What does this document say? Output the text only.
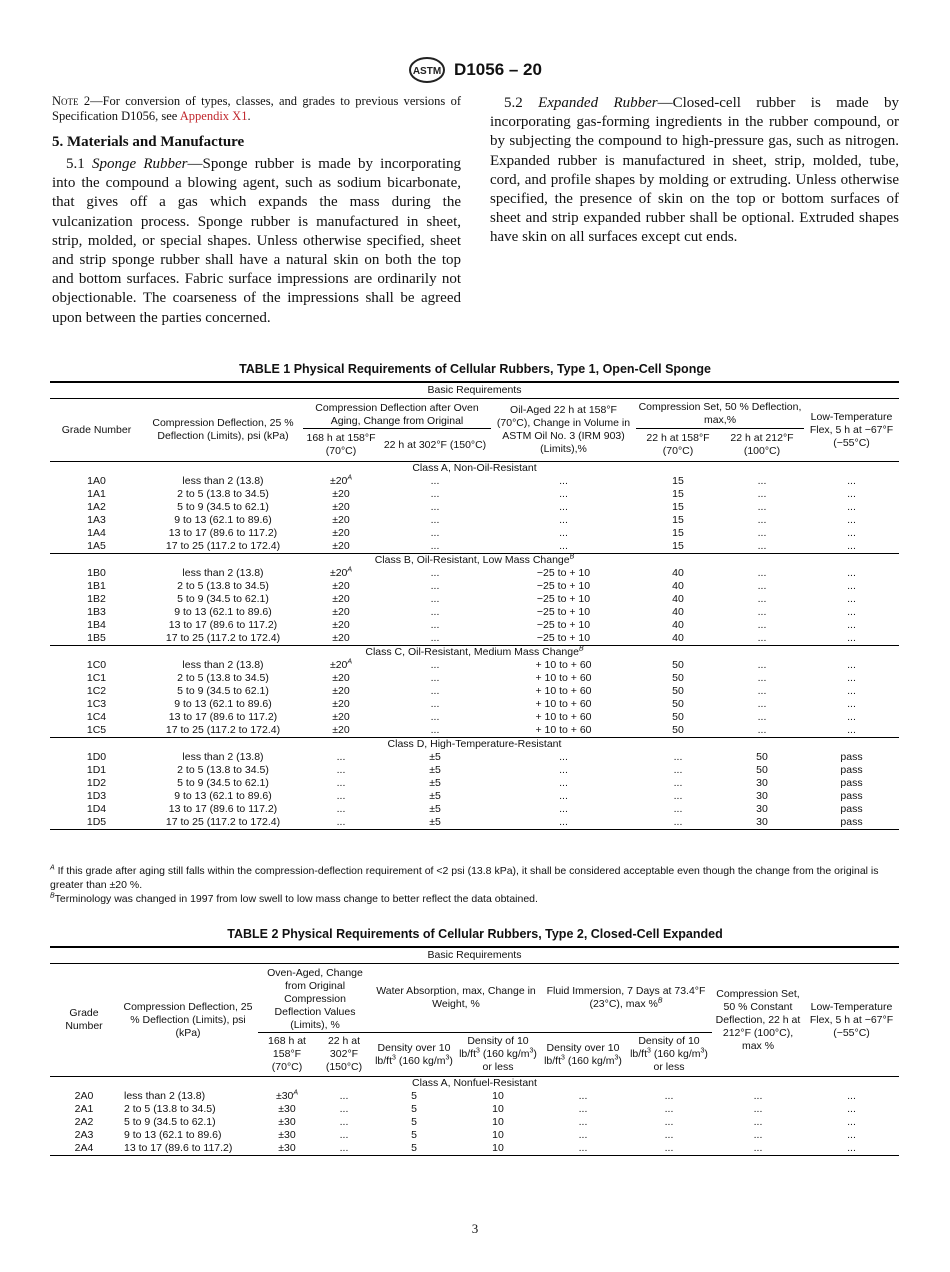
ASTM D1056 – 20

Note 2—For conversion of types, classes, and grades to previous versions of Specification D1056, see Appendix X1.

5. Materials and Manufacture

5.1 Sponge Rubber—Sponge rubber is made by incorporating into the compound a blowing agent, such as sodium bicarbonate, that gives off a gas which expands the mass during the vulcanization process. Sponge rubber is manufactured in sheet, strip, molded, or special shapes. Unless otherwise specified, sheet and strip sponge rubber shall have a natural skin on both the top and bottom surfaces. Fabric surface impressions are ordinarily not objectionable. The coarseness of the impressions shall be agreed upon between the parties concerned.

5.2 Expanded Rubber—Closed-cell rubber is made by incorporating gas-forming ingredients in the rubber compound, or by subjecting the compound to high-pressure gas, such as nitrogen. Expanded rubber is manufactured in sheet, strip, molded, tube, cord, and profile shapes by molding or extruding. Unless otherwise specified, the presence of skin on the top or bottom surfaces of sheet and strip expanded rubber shall be optional. Extruded shapes have skin on all surfaces except cut ends.

TABLE 1 Physical Requirements of Cellular Rubbers, Type 1, Open-Cell Sponge
Basic Requirements							
Grade Number	Compression Deflection, 25 % Deflection (Limits), psi (kPa)	Compression Deflection after Oven Aging, Change from Original		Oil-Aged 22 h at 158°F (70°C), Change in Volume in ASTM Oil No. 3 (IRM 903) (Limits),%	Compression Set, 50 % Deflection, max,%		Low-Temperature Flex, 5 h at −67°F (−55°C)
		168 h at 158°F (70°C)	22 h at 302°F (150°C)		22 h at 158°F (70°C)	22 h at 212°F (100°C)	
Class A, Non-Oil-Resistant							
1A0	less than 2 (13.8)	$\pm 20^A$	...	...	15	...	...
1A1	2 to 5 (13.8 to 34.5)	±20	...	...	15	...	...
1A2	5 to 9 (34.5 to 62.1)	±20	...	...	15	...	...
1A3	9 to 13 (62.1 to 89.6)	±20	...	...	15	...	...
1A4	13 to 17 (89.6 to 117.2)	±20	...	...	15	...	...
1A5	17 to 25 (117.2 to 172.4)	±20	...	...	15	...	...
Class B, Oil-Resistant, Low Mass Change$^B$
1B0	less than 2 (13.8)	$\pm 20^A$	...	−25 to + 10	40	...	...
1B1	2 to 5 (13.8 to 34.5)	±20	...	−25 to + 10	40	...	...
1B2	5 to 9 (34.5 to 62.1)	±20	...	−25 to + 10	40	...	...
1B3	9 to 13 (62.1 to 89.6)	±20	...	−25 to + 10	40	...	...
1B4	13 to 17 (89.6 to 117.2)	±20	...	−25 to + 10	40	...	...
1B5	17 to 25 (117.2 to 172.4)	±20	...	−25 to + 10	40	...	...
Class C, Oil-Resistant, Medium Mass Change$^B$
1C0	less than 2 (13.8)	$\pm 20^A$	...	+ 10 to + 60	50	...	...
1C1	2 to 5 (13.8 to 34.5)	±20	...	+ 10 to + 60	50	...	...
1C2	5 to 9 (34.5 to 62.1)	±20	...	+ 10 to + 60	50	...	...
1C3	9 to 13 (62.1 to 89.6)	±20	...	+ 10 to + 60	50	...	...
1C4	13 to 17 (89.6 to 117.2)	±20	...	+ 10 to + 60	50	...	...
1C5	17 to 25 (117.2 to 172.4)	±20	...	+ 10 to + 60	50	...	...
Class D, High-Temperature-Resistant							
1D0	less than 2 (13.8)	...	±5	...	...	50	pass
1D1	2 to 5 (13.8 to 34.5)	...	±5	...	...	50	pass
1D2	5 to 9 (34.5 to 62.1)	...	±5	...	...	30	pass
1D3	9 to 13 (62.1 to 89.6)	...	±5	...	...	30	pass
1D4	13 to 17 (89.6 to 117.2)	...	±5	...	...	30	pass
1D5	17 to 25 (117.2 to 172.4)	...	±5	...	...	30	pass
$^A$ If this grade after aging still falls within the compression-deflection requirement of <2 psi (13.8 kPa), it shall be considered acceptable even though the change from the original is greater than ±20 %.
$^B$Terminology was changed in 1997 from low swell to low mass change to better reflect the data obtained.
TABLE 2 Physical Requirements of Cellular Rubbers, Type 2, Closed-Cell Expanded
Basic Requirements									
Grade Number	Compression Deflection, 25 % Deflection (Limits), psi (kPa)	Oven-Aged, Change from Original Compression Deflection Values (Limits), %		Water Absorption, max, Change in Weight, %		Fluid Immersion, 7 Days at 73.4°F (23°C), max %$^B$		Compression Set, 50 % Constant Deflection, 22 h at 212°F (100°C), max %	Low-Temperature Flex, 5 h at −67°F (−55°C)
		168 h at 158°F (70°C)	22 h at 302°F (150°C)	Density over 10 $lb/ft^3$ (160 $kg/m^3$)	Density of 10 $lb/ft^3$ (160 $kg/m^3$) or less	Density over 10 $lb/ft^3$ (160 $kg/m^3$)	Density of 10 $lb/ft^3$ (160 $kg/m^3$) or less		
Class A, Nonfuel-Resistant									
2A0	less than 2 (13.8)	$\pm 30^A$	...	5	10	...	...	...	...
2A1	2 to 5 (13.8 to 34.5)	±30	...	5	10	...	...	...	...
2A2	5 to 9 (34.5 to 62.1)	±30	...	5	10	...	...	...	...
2A3	9 to 13 (62.1 to 89.6)	±30	...	5	10	...	...	...	...
2A4	13 to 17 (89.6 to 117.2)	±30	...	5	10	...	...	...	...
3
